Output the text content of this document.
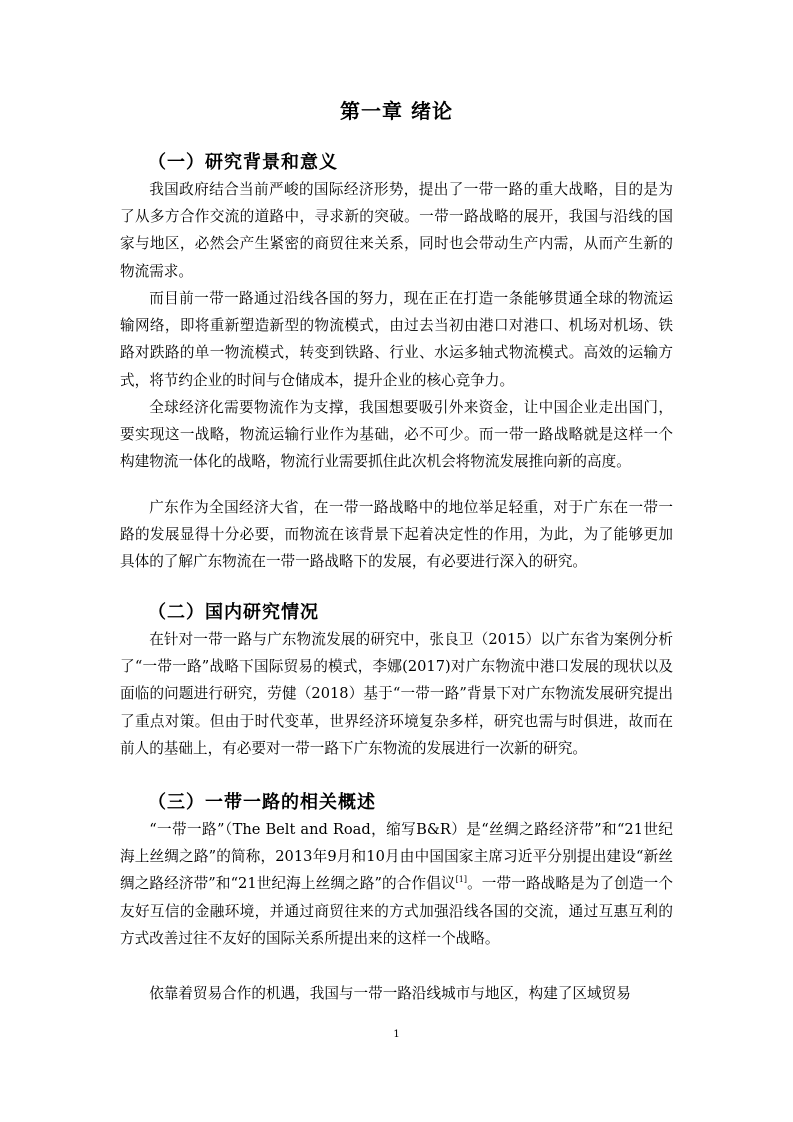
第一章 绪论
（一）研究背景和意义

我国政府结合当前严峻的国际经济形势，提出了一带一路的重大战略，目的是为了从多方合作交流的道路中，寻求新的突破。一带一路战略的展开，我国与沿线的国家与地区，必然会产生紧密的商贸往来关系，同时也会带动生产内需，从而产生新的物流需求。

而目前一带一路通过沿线各国的努力，现在正在打造一条能够贯通全球的物流运输网络，即将重新塑造新型的物流模式，由过去当初由港口对港口、机场对机场、铁路对跌路的单一物流模式，转变到铁路、行业、水运多轴式物流模式。高效的运输方式，将节约企业的时间与仓储成本，提升企业的核心竞争力。

全球经济化需要物流作为支撑，我国想要吸引外来资金，让中国企业走出国门，要实现这一战略，物流运输行业作为基础，必不可少。而一带一路战略就是这样一个构建物流一体化的战略，物流行业需要抓住此次机会将物流发展推向新的高度。

广东作为全国经济大省，在一带一路战略中的地位举足轻重，对于广东在一带一路的发展显得十分必要，而物流在该背景下起着决定性的作用，为此，为了能够更加具体的了解广东物流在一带一路战略下的发展，有必要进行深入的研究。

（二）国内研究情况

在针对一带一路与广东物流发展的研究中，张良卫（2015）以广东省为案例分析了“一带一路”战略下国际贸易的模式，李娜(2017)对广东物流中港口发展的现状以及面临的问题进行研究，劳健（2018）基于“一带一路”背景下对广东物流发展研究提出了重点对策。但由于时代变革，世界经济环境复杂多样，研究也需与时俱进，故而在前人的基础上，有必要对一带一路下广东物流的发展进行一次新的研究。

（三）一带一路的相关概述

“一带一路”（The Belt and Road，缩写B&R）是“丝绸之路经济带”和“21世纪海上丝绸之路”的简称，2013年9月和10月由中国国家主席习近平分别提出建设“新丝绸之路经济带”和“21世纪海上丝绸之路”的合作倡议[1]。一带一路战略是为了创造一个友好互信的金融环境，并通过商贸往来的方式加强沿线各国的交流，通过互惠互利的方式改善过往不友好的国际关系所提出来的这样一个战略。

依靠着贸易合作的机遇，我国与一带一路沿线城市与地区，构建了区域贸易

1
